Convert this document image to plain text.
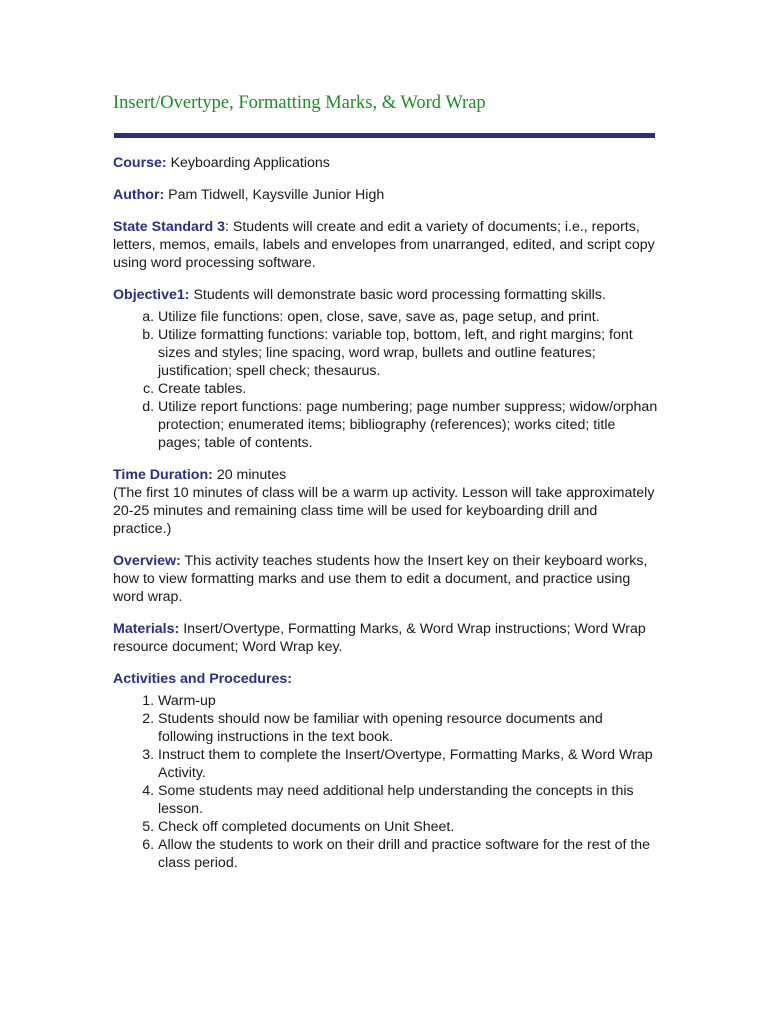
Insert/Overtype, Formatting Marks, & Word Wrap

Course: Keyboarding Applications

Author: Pam Tidwell, Kaysville Junior High

State Standard 3: Students will create and edit a variety of documents; i.e., reports, letters, memos, emails, labels and envelopes from unarranged, edited, and script copy using word processing software.

Objective1: Students will demonstrate basic word processing formatting skills.
a. Utilize file functions: open, close, save, save as, page setup, and print.
b. Utilize formatting functions: variable top, bottom, left, and right margins; font sizes and styles; line spacing, word wrap, bullets and outline features; justification; spell check; thesaurus.
c. Create tables.
d. Utilize report functions: page numbering; page number suppress; widow/orphan protection; enumerated items; bibliography (references); works cited; title pages; table of contents.
Time Duration: 20 minutes
(The first 10 minutes of class will be a warm up activity. Lesson will take approximately 20-25 minutes and remaining class time will be used for keyboarding drill and practice.)

Overview: This activity teaches students how the Insert key on their keyboard works, how to view formatting marks and use them to edit a document, and practice using word wrap.

Materials: Insert/Overtype, Formatting Marks, & Word Wrap instructions; Word Wrap resource document; Word Wrap key.

Activities and Procedures:
1. Warm-up
2. Students should now be familiar with opening resource documents and following instructions in the text book.
3. Instruct them to complete the Insert/Overtype, Formatting Marks, & Word Wrap Activity.
4. Some students may need additional help understanding the concepts in this lesson.
5. Check off completed documents on Unit Sheet.
6. Allow the students to work on their drill and practice software for the rest of the class period.
